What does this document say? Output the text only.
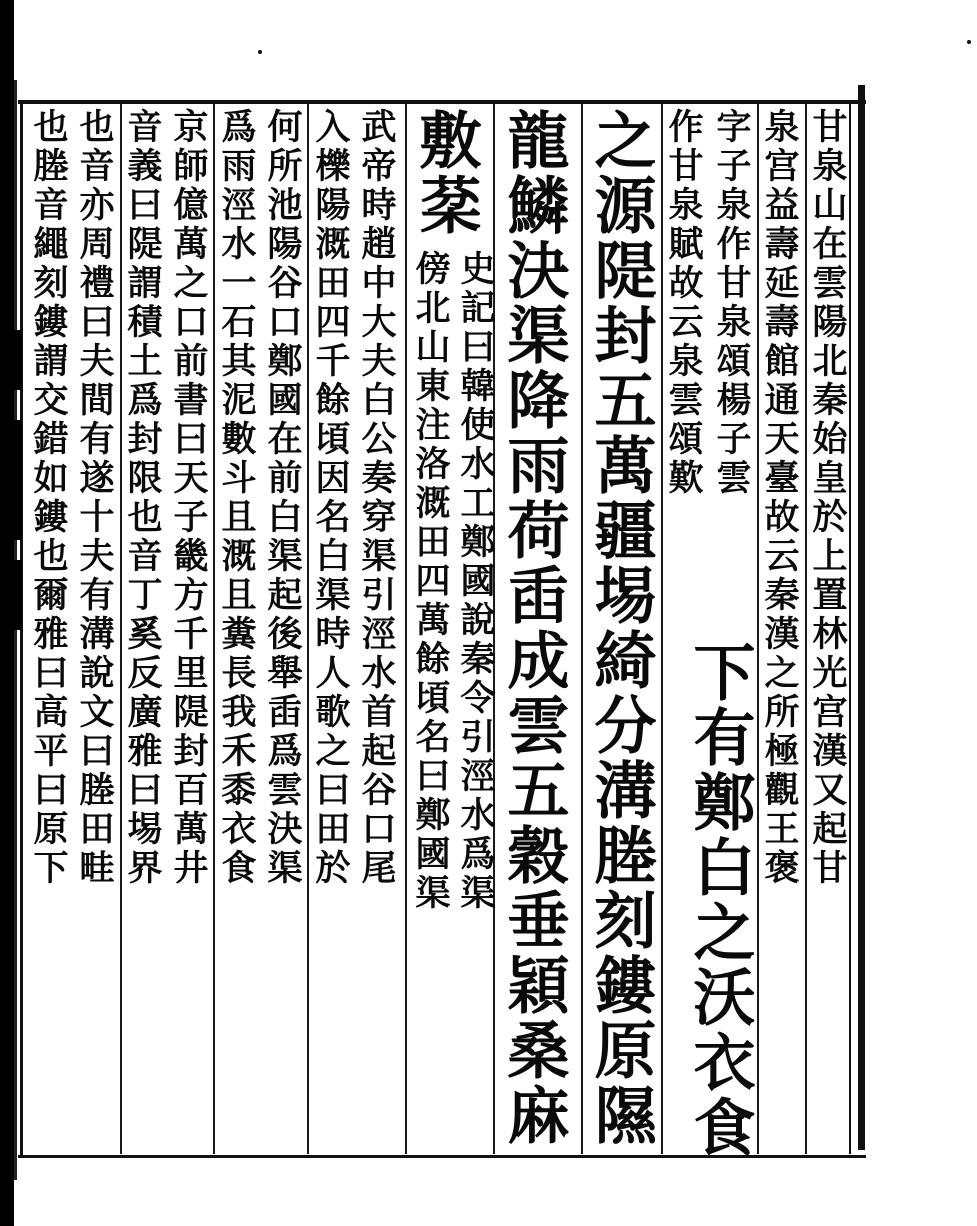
甘泉山在雲陽北秦始皇於上置林光宫漢又起甘
泉宫益壽延壽館通天臺故云秦漢之所極觀王褒
字子泉作甘泉頌楊子雲
作甘泉賦故云泉雲頌歎
下有鄭白之沃衣食
之源隄封五萬疆埸綺分溝塍刻鏤原隰
龍鱗決渠降雨荷臿成雲五穀垂穎桑麻
敷棻
史記曰韓使水工鄭國說秦令引涇水爲渠
傍北山東注洛溉田四萬餘頃名曰鄭國渠
武帝時趙中大夫白公奏穿渠引涇水首起谷口尾
入櫟陽溉田四千餘頃因名白渠時人歌之曰田於
何所池陽谷口鄭國在前白渠起後舉臿爲雲決渠
爲雨涇水一石其泥數斗且溉且糞長我禾黍衣食
京師億萬之口前書曰天子畿方千里隄封百萬井
音義曰隄謂積土爲封限也音丁奚反廣雅曰埸界
也音亦周禮曰夫間有遂十夫有溝說文曰塍田畦
也塍音繩刻鏤謂交錯如鏤也爾雅曰高平曰原下
